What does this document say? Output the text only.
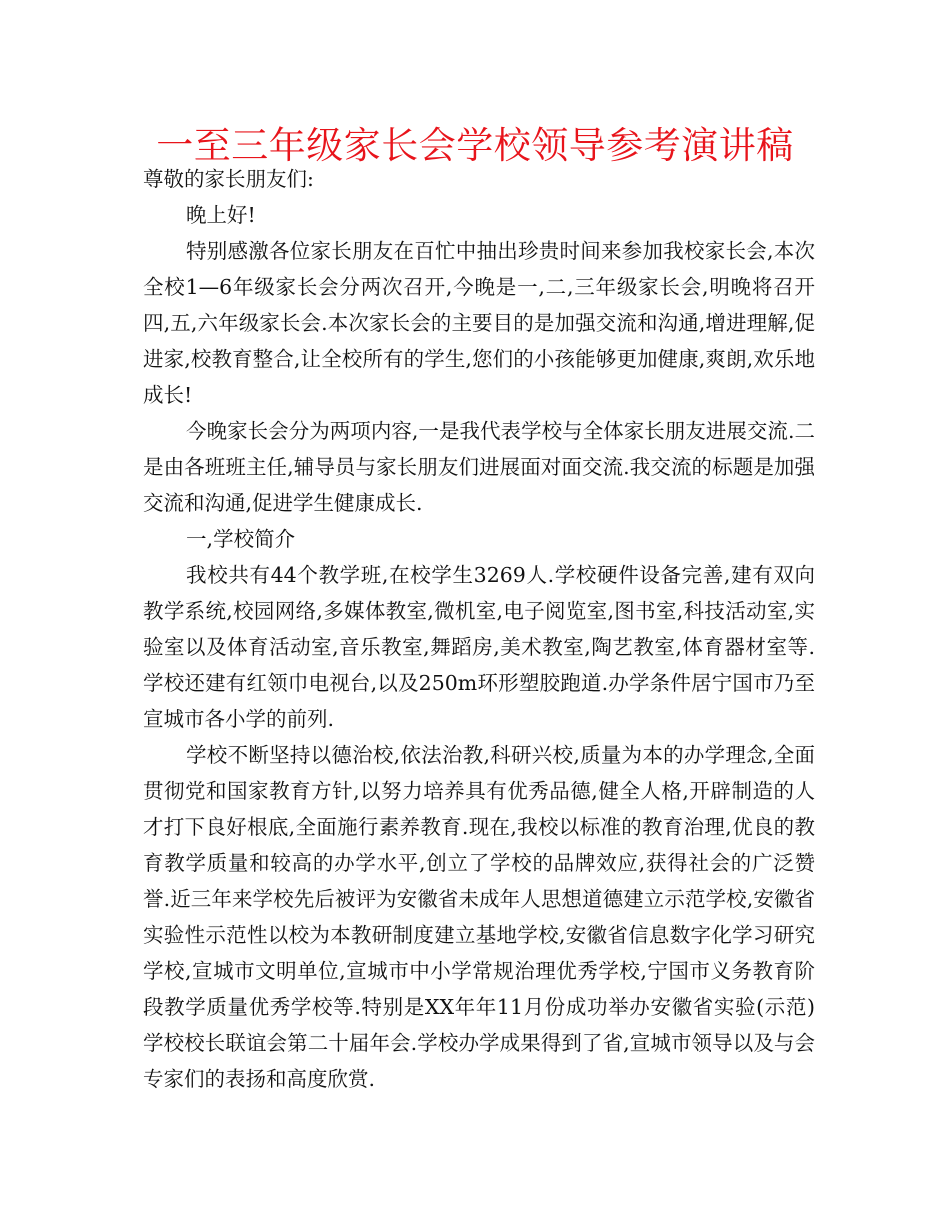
一至三年级家长会学校领导参考演讲稿

尊敬的家长朋友们:

晚上好!

特别感激各位家长朋友在百忙中抽出珍贵时间来参加我校家长会,本次全校1—6年级家长会分两次召开,今晚是一,二,三年级家长会,明晚将召开四,五,六年级家长会.本次家长会的主要目的是加强交流和沟通,增进理解,促进家,校教育整合,让全校所有的学生,您们的小孩能够更加健康,爽朗,欢乐地成长!

今晚家长会分为两项内容,一是我代表学校与全体家长朋友进展交流.二是由各班班主任,辅导员与家长朋友们进展面对面交流.我交流的标题是加强交流和沟通,促进学生健康成长.

一,学校简介

我校共有44个教学班,在校学生3269人.学校硬件设备完善,建有双向教学系统,校园网络,多媒体教室,微机室,电子阅览室,图书室,科技活动室,实验室以及体育活动室,音乐教室,舞蹈房,美术教室,陶艺教室,体育器材室等.学校还建有红领巾电视台,以及250m环形塑胶跑道.办学条件居宁国市乃至宣城市各小学的前列.

学校不断坚持以德治校,依法治教,科研兴校,质量为本的办学理念,全面贯彻党和国家教育方针,以努力培养具有优秀品德,健全人格,开辟制造的人才打下良好根底,全面施行素养教育.现在,我校以标准的教育治理,优良的教育教学质量和较高的办学水平,创立了学校的品牌效应,获得社会的广泛赞誉.近三年来学校先后被评为安徽省未成年人思想道德建立示范学校,安徽省实验性示范性以校为本教研制度建立基地学校,安徽省信息数字化学习研究学校,宣城市文明单位,宣城市中小学常规治理优秀学校,宁国市义务教育阶段教学质量优秀学校等.特别是XX年年11月份成功举办安徽省实验(示范)学校校长联谊会第二十届年会.学校办学成果得到了省,宣城市领导以及与会专家们的表扬和高度欣赏.
